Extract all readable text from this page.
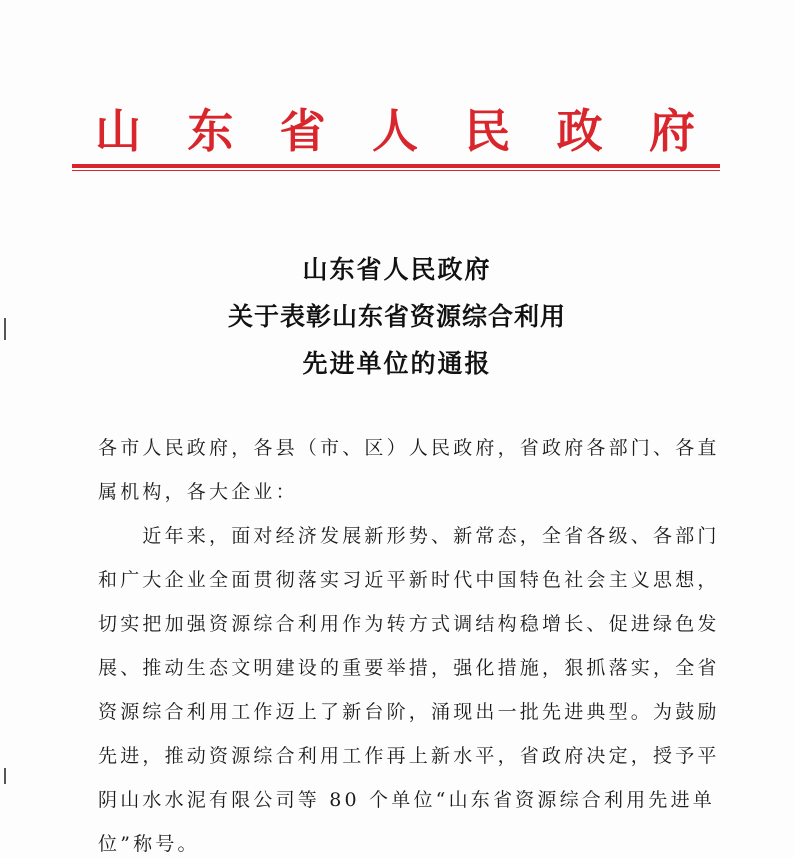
山 东 省 人 民 政 府
山东省人民政府
关于表彰山东省资源综合利用
先进单位的通报
各市人民政府，各县（市、区）人民政府，省政府各部门、各直
属机构，各大企业：
　　近年来，面对经济发展新形势、新常态，全省各级、各部门
和广大企业全面贯彻落实习近平新时代中国特色社会主义思想，
切实把加强资源综合利用作为转方式调结构稳增长、促进绿色发
展、推动生态文明建设的重要举措，强化措施，狠抓落实，全省
资源综合利用工作迈上了新台阶，涌现出一批先进典型。为鼓励
先进，推动资源综合利用工作再上新水平，省政府决定，授予平
阴山水水泥有限公司等 80 个单位“山东省资源综合利用先进单
位”称号。
